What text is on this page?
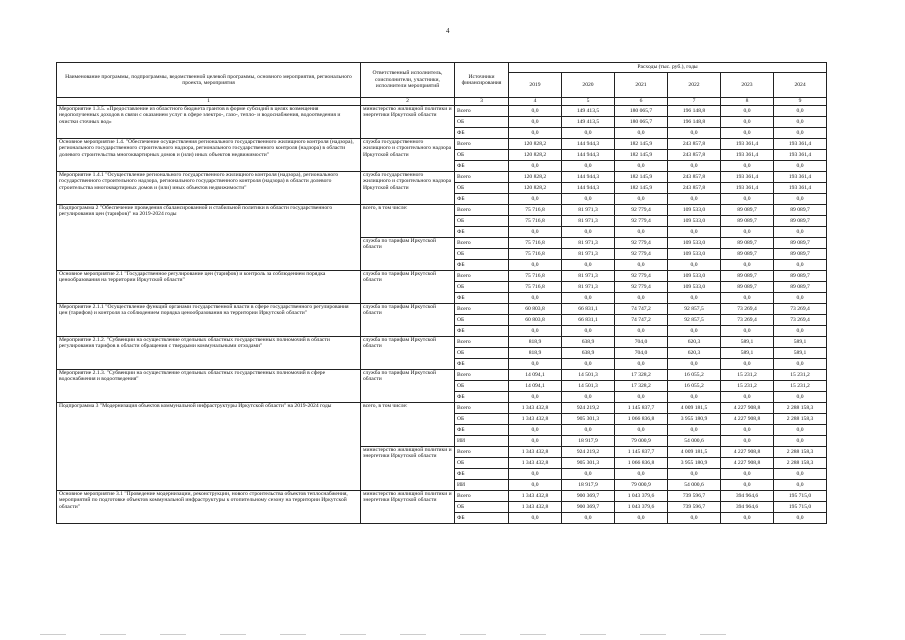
4
Наименование программы, подпрограммы, ведомственной целевой программы, основного мероприятия, регионального проекта, мероприятия	Ответственный исполнитель, соисполнители, участники, исполнители мероприятий	Источники финансирования	Расходы (тыс. руб.), годы					
			2019	2020	2021	2022	2023	2024
1	2	3	4	5	6	7	8	9
Мероприятие 1.3.5. «Предоставление из областного бюджета грантов в форме субсидий в целях возмещения недополученных доходов в связи с оказанием услуг в сфере электро-, газо-, тепло- и водоснабжения, водоотведения и очистки сточных вод»	министерство жилищной политики и энергетики Иркутской области	Всего	0,0	149 413,5	180 065,7	196 148,8	0,0	0,0
		ОБ	0,0	149 413,5	180 065,7	196 148,8	0,0	0,0
		ФБ	0,0	0,0	0,0	0,0	0,0	0,0
Основное мероприятие 1.4. "Обеспечение осуществления регионального государственного жилищного контроля (надзора), регионального государственного строительного надзора, регионального государственного контроля (надзора) в области долевого строительства многоквартирных домов и (или) иных объектов недвижимости"	служба государственного жилищного и строительного надзора Иркутской области	Всего	120 828,2	144 944,3	182 145,9	243 857,8	193 361,4	193 361,4
		ОБ	120 828,2	144 944,3	182 145,9	243 857,8	193 361,4	193 361,4
		ФБ	0,0	0,0	0,0	0,0	0,0	0,0
Мероприятие 1.4.1 "Осуществление регионального государственного жилищного контроля (надзора), регионального государственного строительного надзора, регионального государственного контроля (надзора) в области долевого строительства многоквартирных домов и (или) иных объектов недвижимости"	служба государственного жилищного и строительного надзора Иркутской области	Всего	120 828,2	144 944,3	182 145,9	243 857,8	193 361,4	193 361,4
		ОБ	120 828,2	144 944,3	182 145,9	243 857,8	193 361,4	193 361,4
		ФБ	0,0	0,0	0,0	0,0	0,0	0,0
Подпрограмма 2 "Обеспечение проведения сбалансированной и стабильной политики в области государственного регулирования цен (тарифов)" на 2019-2024 годы	всего, в том числе:	Всего	75 716,8	81 971,3	92 779,4	109 533,0	89 089,7	89 089,7
		ОБ	75 716,8	81 971,3	92 779,4	109 533,0	89 089,7	89 089,7
		ФБ	0,0	0,0	0,0	0,0	0,0	0,0
	служба по тарифам Иркутской области	Всего	75 716,8	81 971,3	92 779,4	109 533,0	89 089,7	89 089,7
		ОБ	75 716,8	81 971,3	92 779,4	109 533,0	89 089,7	89 089,7
		ФБ	0,0	0,0	0,0	0,0	0,0	0,0
Основное мероприятие 2.1 "Государственное регулирование цен (тарифов) и контроль за соблюдением порядка ценообразования на территории Иркутской области"	служба по тарифам Иркутской области	Всего	75 716,8	81 971,3	92 779,4	109 533,0	89 089,7	89 089,7
		ОБ	75 716,8	81 971,3	92 779,4	109 533,0	89 089,7	89 089,7
		ФБ	0,0	0,0	0,0	0,0	0,0	0,0
Мероприятие 2.1.1 "Осуществление функций органами государственной власти в сфере государственного регулирования цен (тарифов) и контроля за соблюдением порядка ценообразования на территории Иркутской области"	служба по тарифам Иркутской области	Всего	60 803,8	66 831,1	74 747,2	92 857,5	73 269,4	73 269,4
		ОБ	60 803,8	66 831,1	74 747,2	92 857,5	73 269,4	73 269,4
		ФБ	0,0	0,0	0,0	0,0	0,0	0,0
Мероприятие 2.1.2. "Субвенции на осуществление отдельных областных государственных полномочий в области регулирования тарифов в области обращения с твердыми коммунальными отходами"	служба по тарифам Иркутской области	Всего	818,9	638,9	704,0	620,3	589,1	589,1
		ОБ	818,9	638,9	704,0	620,3	589,1	589,1
		ФБ	0,0	0,0	0,0	0,0	0,0	0,0
Мероприятие 2.1.3. "Субвенции на осуществление отдельных областных государственных полномочий в сфере водоснабжения и водоотведения"	служба по тарифам Иркутской области	Всего	14 094,1	14 501,3	17 328,2	16 055,2	15 231,2	15 231,2
		ОБ	14 094,1	14 501,3	17 328,2	16 055,2	15 231,2	15 231,2
		ФБ	0,0	0,0	0,0	0,0	0,0	0,0
Подпрограмма 3 "Модернизация объектов коммунальной инфраструктуры Иркутской области" на 2019-2024 годы	всего, в том числе:	Всего	1 343 432,8	924 219,2	1 145 837,7	4 009 181,5	4 227 908,8	2 288 158,3
		ОБ	1 343 432,8	905 301,3	1 066 836,8	3 955 180,9	4 227 908,8	2 288 158,3
		ФБ	0,0	0,0	0,0	0,0	0,0	0,0
		ИИ	0,0	18 917,9	79 000,9	54 000,6	0,0	0,0
	министерство жилищной политики и энергетики Иркутской области	Всего	1 343 432,8	924 219,2	1 145 837,7	4 009 181,5	4 227 908,8	2 288 158,3
		ОБ	1 343 432,8	905 301,3	1 066 836,8	3 955 180,9	4 227 908,8	2 288 158,3
		ФБ	0,0	0,0	0,0	0,0	0,0	0,0
		ИИ	0,0	18 917,9	79 000,9	54 000,6	0,0	0,0
Основное мероприятие 3.1 "Проведение модернизации, реконструкции, нового строительства объектов теплоснабжения, мероприятий по подготовке объектов коммунальной инфраструктуры к отопительному сезону на территории Иркутской области"	министерство жилищной политики и энергетики Иркутской области	Всего	1 343 432,8	900 369,7	1 043 379,6	739 596,7	394 964,6	195 715,0
		ОБ	1 343 432,8	900 369,7	1 043 379,6	739 596,7	394 964,6	195 715,0
		ФБ	0,0	0,0	0,0	0,0	0,0	0,0
